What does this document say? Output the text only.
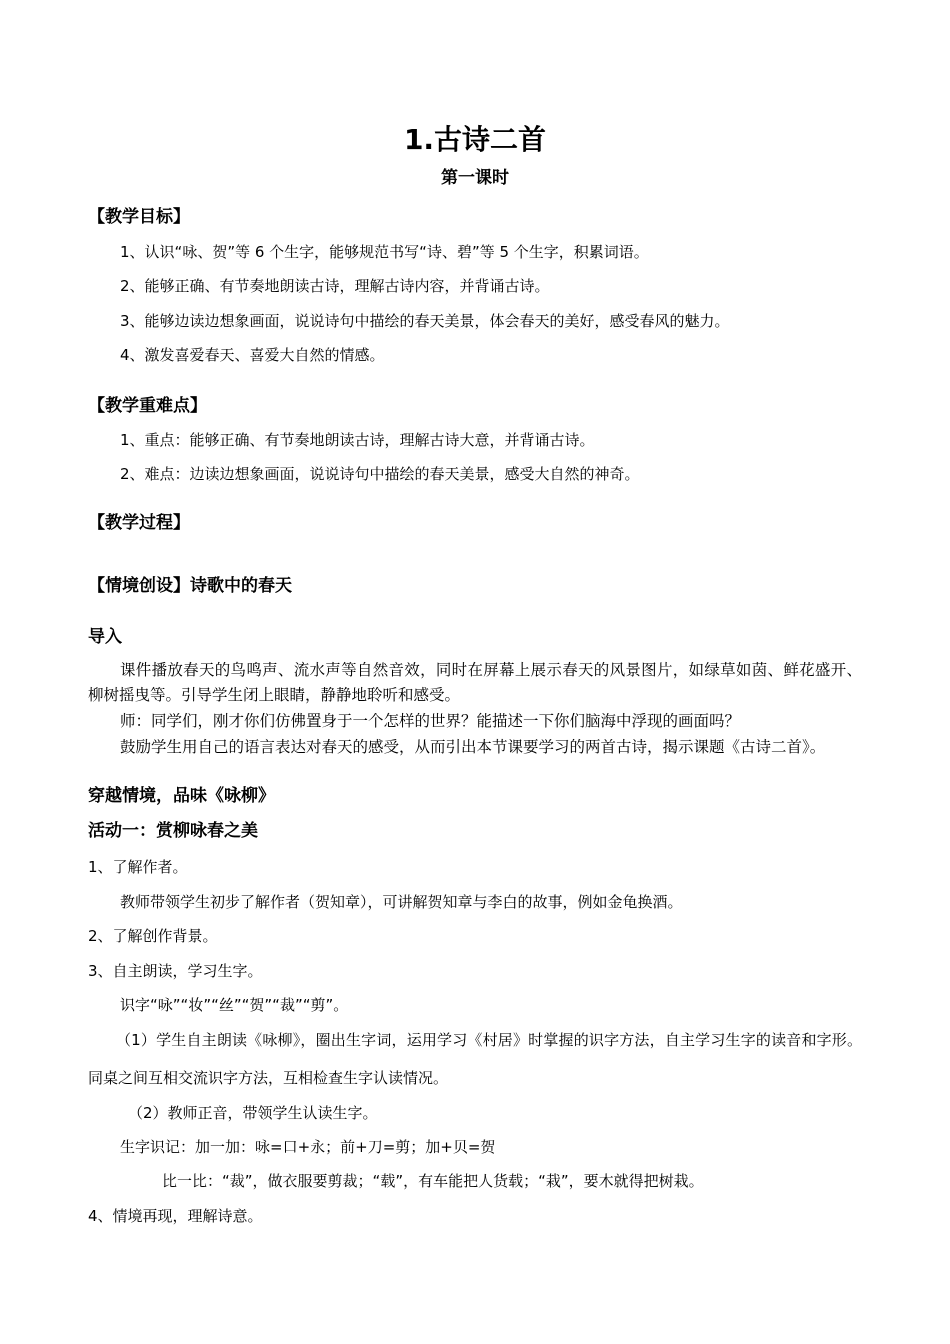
1.古诗二首
第一课时
【教学目标】
1、认识“咏、贺”等 6 个生字，能够规范书写“诗、碧”等 5 个生字，积累词语。
2、能够正确、有节奏地朗读古诗，理解古诗内容，并背诵古诗。
3、能够边读边想象画面，说说诗句中描绘的春天美景，体会春天的美好，感受春风的魅力。
4、激发喜爱春天、喜爱大自然的情感。
【教学重难点】
1、重点：能够正确、有节奏地朗读古诗，理解古诗大意，并背诵古诗。
2、难点：边读边想象画面，说说诗句中描绘的春天美景，感受大自然的神奇。
【教学过程】
【情境创设】诗歌中的春天
导入
课件播放春天的鸟鸣声、流水声等自然音效，同时在屏幕上展示春天的风景图片，如绿草如茵、鲜花盛开、柳树摇曳等。引导学生闭上眼睛，静静地聆听和感受。
师：同学们，刚才你们仿佛置身于一个怎样的世界？能描述一下你们脑海中浮现的画面吗？
鼓励学生用自己的语言表达对春天的感受，从而引出本节课要学习的两首古诗，揭示课题《古诗二首》。
穿越情境，品味《咏柳》
活动一：赏柳咏春之美
1、了解作者。
教师带领学生初步了解作者（贺知章），可讲解贺知章与李白的故事，例如金龟换酒。
2、了解创作背景。
3、自主朗读，学习生字。
识字“咏”“妆”“丝”“贺”“裁”“剪”。
（1）学生自主朗读《咏柳》，圈出生字词，运用学习《村居》时掌握的识字方法，自主学习生字的读音和字形。同桌之间互相交流识字方法，互相检查生字认读情况。
（2）教师正音，带领学生认读生字。
生字识记：加一加：咏=口+永；前+刀=剪；加+贝=贺
比一比：“裁”，做衣服要剪裁；“载”，有车能把人货载；“栽”，要木就得把树栽。
4、情境再现，理解诗意。
